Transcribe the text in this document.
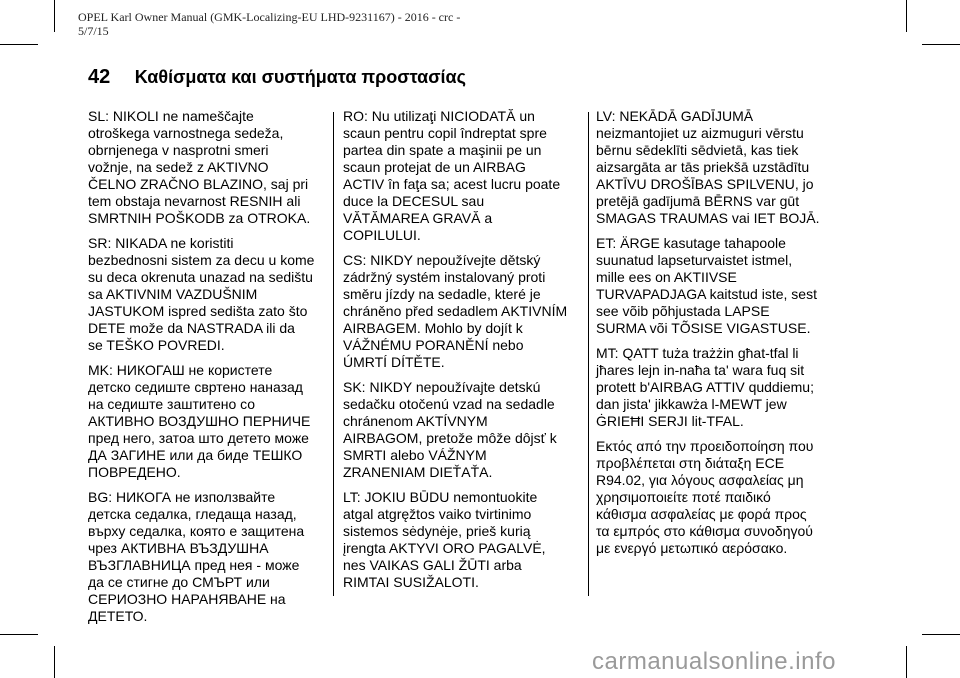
OPEL Karl Owner Manual (GMK-Localizing-EU LHD-9231167) - 2016 - crc -
5/7/15
42 Καθίσματα και συστήματα προστασίας

SL: NIKOLI ne nameščajte
otroškega varnostnega sedeža,
obrnjenega v nasprotni smeri
vožnje, na sedež z AKTIVNO
ČELNO ZRAČNO BLAZINO, saj pri
tem obstaja nevarnost RESNIH ali
SMRTNIH POŠKODB za OTROKA.

SR: NIKADA ne koristiti
bezbednosni sistem za decu u kome
su deca okrenuta unazad na sedištu
sa AKTIVNIM VAZDUŠNIM
JASTUKOM ispred sedišta zato što
DETE može da NASTRADA ili da
se TEŠKO POVREDI.

MK: НИКОГАШ не користете
детско седиште свртено наназад
на седиште заштитено со
АКТИВНО ВОЗДУШНО ПЕРНИЧЕ
пред него, затоа што детето може
ДА ЗАГИНЕ или да биде ТЕШКО
ПОВРЕДЕНО.

BG: НИКОГА не използвайте
детска седалка, гледаща назад,
върху седалка, която е защитена
чрез АКТИВНА ВЪЗДУШНА
ВЪЗГЛАВНИЦА пред нея - може
да се стигне до СМЪРТ или
СЕРИОЗНО НАРАНЯВАНЕ на
ДЕТЕТО.

RO: Nu utilizaţi NICIODATĂ un
scaun pentru copil îndreptat spre
partea din spate a maşinii pe un
scaun protejat de un AIRBAG
ACTIV în faţa sa; acest lucru poate
duce la DECESUL sau
VĂTĂMAREA GRAVĂ a
COPILULUI.

CS: NIKDY nepoužívejte dětský
zádržný systém instalovaný proti
směru jízdy na sedadle, které je
chráněno před sedadlem AKTIVNÍM
AIRBAGEM. Mohlo by dojít k
VÁŽNÉMU PORANĚNÍ nebo
ÚMRTÍ DÍTĚTE.

SK: NIKDY nepoužívajte detskú
sedačku otočenú vzad na sedadle
chránenom AKTÍVNYM
AIRBAGOM, pretože môže dôjsť k
SMRTI alebo VÁŽNYM
ZRANENIAM DIEŤAŤA.

LT: JOKIU BŪDU nemontuokite
atgal atgręžtos vaiko tvirtinimo
sistemos sėdynėje, prieš kurią
įrengta AKTYVI ORO PAGALVĖ,
nes VAIKAS GALI ŽŪTI arba
RIMTAI SUSIŽALOTI.

LV: NEKĀDĀ GADĪJUMĀ
neizmantojiet uz aizmuguri vērstu
bērnu sēdeklīti sēdvietā, kas tiek
aizsargāta ar tās priekšā uzstādītu
AKTĪVU DROŠĪBAS SPILVENU, jo
pretējā gadījumā BĒRNS var gūt
SMAGAS TRAUMAS vai IET BOJĀ.

ET: ÄRGE kasutage tahapoole
suunatud lapseturvaistet istmel,
mille ees on AKTIIVSE
TURVAPADJAGA kaitstud iste, sest
see võib põhjustada LAPSE
SURMA või TÕSISE VIGASTUSE.

MT: QATT tuża trażżin għat-tfal li
jħares lejn in-naħa ta' wara fuq sit
protett b'AIRBAG ATTIV quddiemu;
dan jista' jikkawża l-MEWT jew
ĠRIEĦI SERJI lit-TFAL.

Εκτός από την προειδοποίηση που
προβλέπεται στη διάταξη ECE
R94.02, για λόγους ασφαλείας μη
χρησιμοποιείτε ποτέ παιδικό
κάθισμα ασφαλείας με φορά προς
τα εμπρός στο κάθισμα συνοδηγού
με ενεργό μετωπικό αερόσακο.

carmanualsonline.info
